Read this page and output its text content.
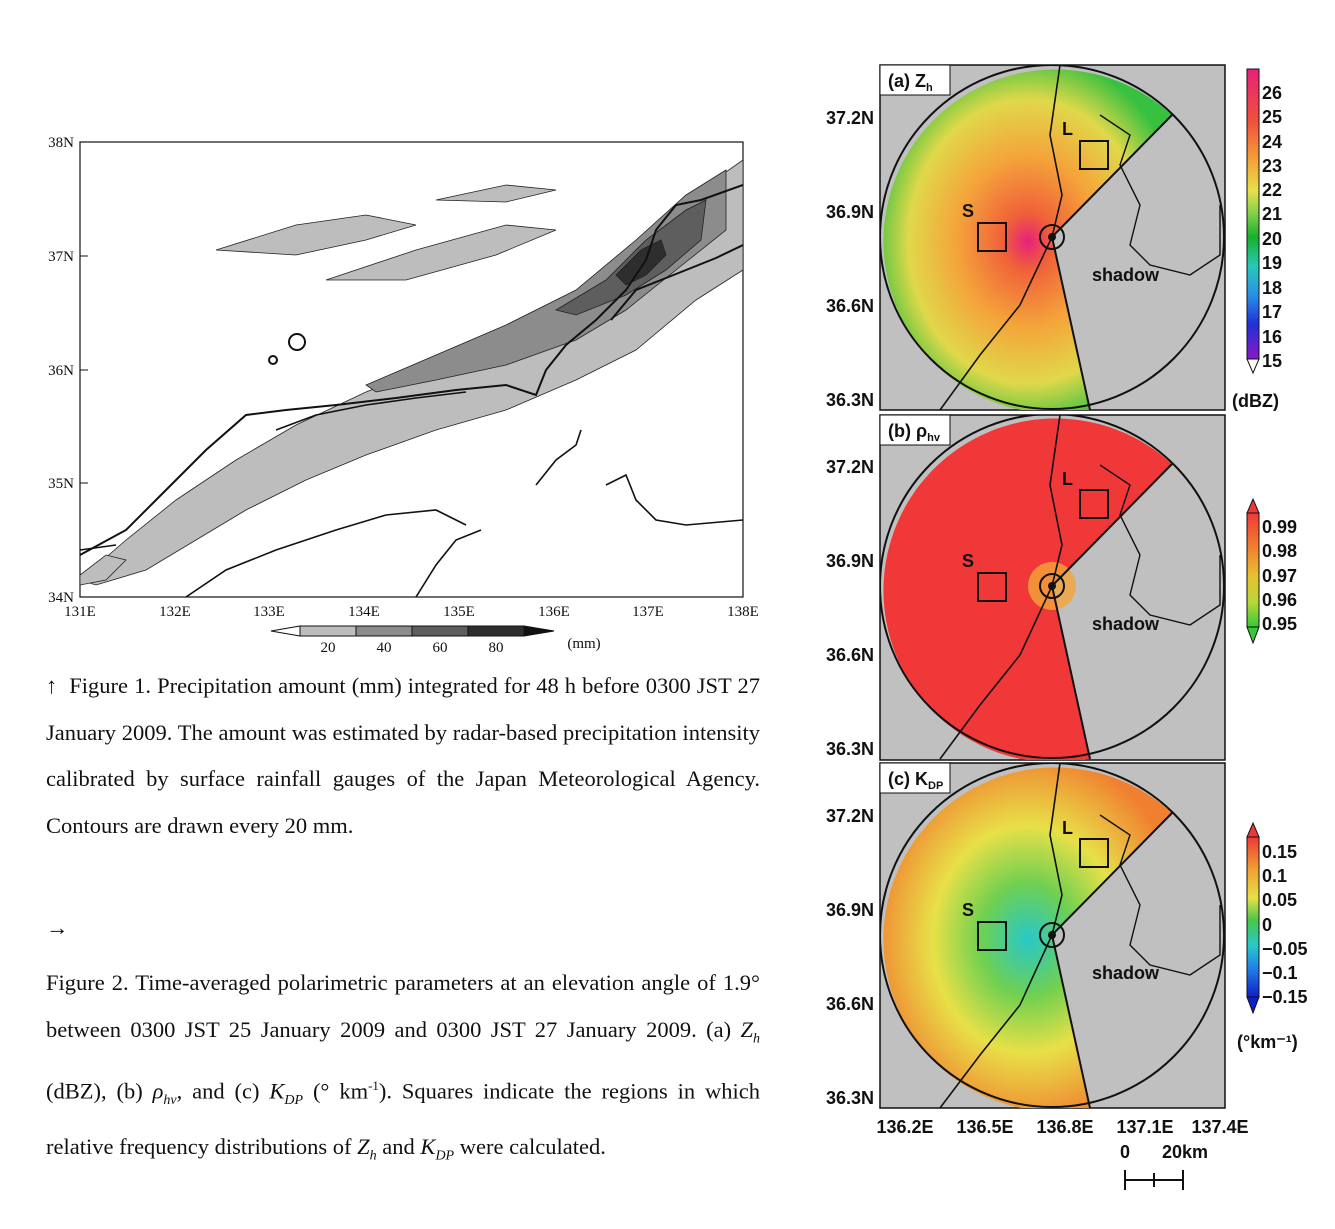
38N
37N
36N
35N
34N
131E	132E	133E	134E	135E	136E	137E	138E
20	40	60	80	(mm)

↑ Figure 1. Precipitation amount (mm) integrated for 48 h before 0300 JST 27 January 2009. The amount was estimated by radar-based precipitation intensity calibrated by surface rainfall gauges of the Japan Meteorological Agency. Contours are drawn every 20 mm.

→

Figure 2. Time-averaged polarimetric parameters at an elevation angle of 1.9° between 0300 JST 25 January 2009 and 0300 JST 27 January 2009. (a) $Z_h$ (dBZ), (b) $\rho_{hv}$, and (c) $K_{DP}$ (° $km^{-1}$). Squares indicate the regions in which relative frequency distributions of $Z_h$ and $K_{DP}$ were calculated.

(a) $Z_h$
S
L
shadow
(b) $\rho_{hv}$
S
L
shadow
(c) $K_{DP}$
S
L
shadow
37.2N
36.9N
36.6N
36.3N
37.2N
36.9N
36.6N
36.3N
37.2N
36.9N
36.6N
36.3N
136.2E 136.5E 136.8E 137.1E 137.4E
0 20km
26
25
24
23
22
21
20
19
18
17
16
15
(dBZ)
0.99
0.98
0.97
0.96
0.95
0.15
0.1
0.05
0
−0.05
−0.1
−0.15
(°km⁻¹)
